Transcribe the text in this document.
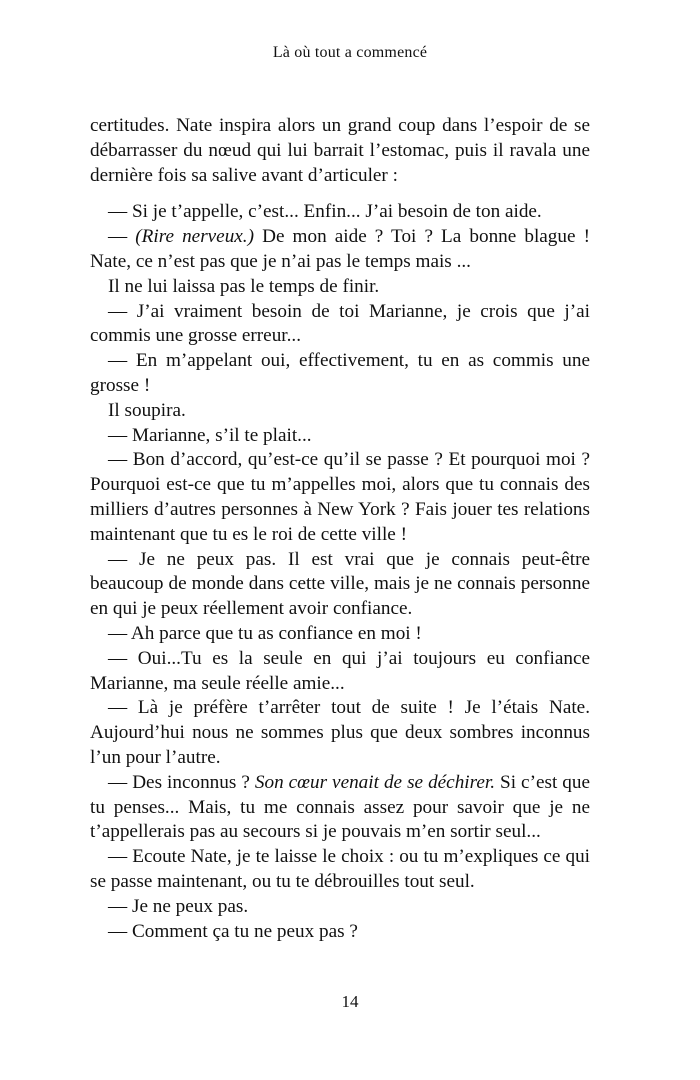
Là où tout a commencé

certitudes. Nate inspira alors un grand coup dans l’espoir de se débarrasser du nœud qui lui barrait l’estomac, puis il ravala une dernière fois sa salive avant d’articuler :

— Si je t’appelle, c’est... Enfin... J’ai besoin de ton aide.

— (Rire nerveux.) De mon aide ? Toi ? La bonne blague ! Nate, ce n’est pas que je n’ai pas le temps mais ...

Il ne lui laissa pas le temps de finir.

— J’ai vraiment besoin de toi Marianne, je crois que j’ai commis une grosse erreur...

— En m’appelant oui, effectivement, tu en as commis une grosse !

Il soupira.

— Marianne, s’il te plait...

— Bon d’accord, qu’est-ce qu’il se passe ? Et pourquoi moi ? Pourquoi est-ce que tu m’appelles moi, alors que tu connais des milliers d’autres personnes à New York ? Fais jouer tes relations maintenant que tu es le roi de cette ville !

— Je ne peux pas. Il est vrai que je connais peut-être beaucoup de monde dans cette ville, mais je ne connais personne en qui je peux réellement avoir confiance.

— Ah parce que tu as confiance en moi !

— Oui...Tu es la seule en qui j’ai toujours eu confiance Marianne, ma seule réelle amie...

— Là je préfère t’arrêter tout de suite ! Je l’étais Nate. Aujourd’hui nous ne sommes plus que deux sombres inconnus l’un pour l’autre.

— Des inconnus ? Son cœur venait de se déchirer. Si c’est que tu penses... Mais, tu me connais assez pour savoir que je ne t’appellerais pas au secours si je pouvais m’en sortir seul...

— Ecoute Nate, je te laisse le choix : ou tu m’expliques ce qui se passe maintenant, ou tu te débrouilles tout seul.

— Je ne peux pas.

— Comment ça tu ne peux pas ?

14
